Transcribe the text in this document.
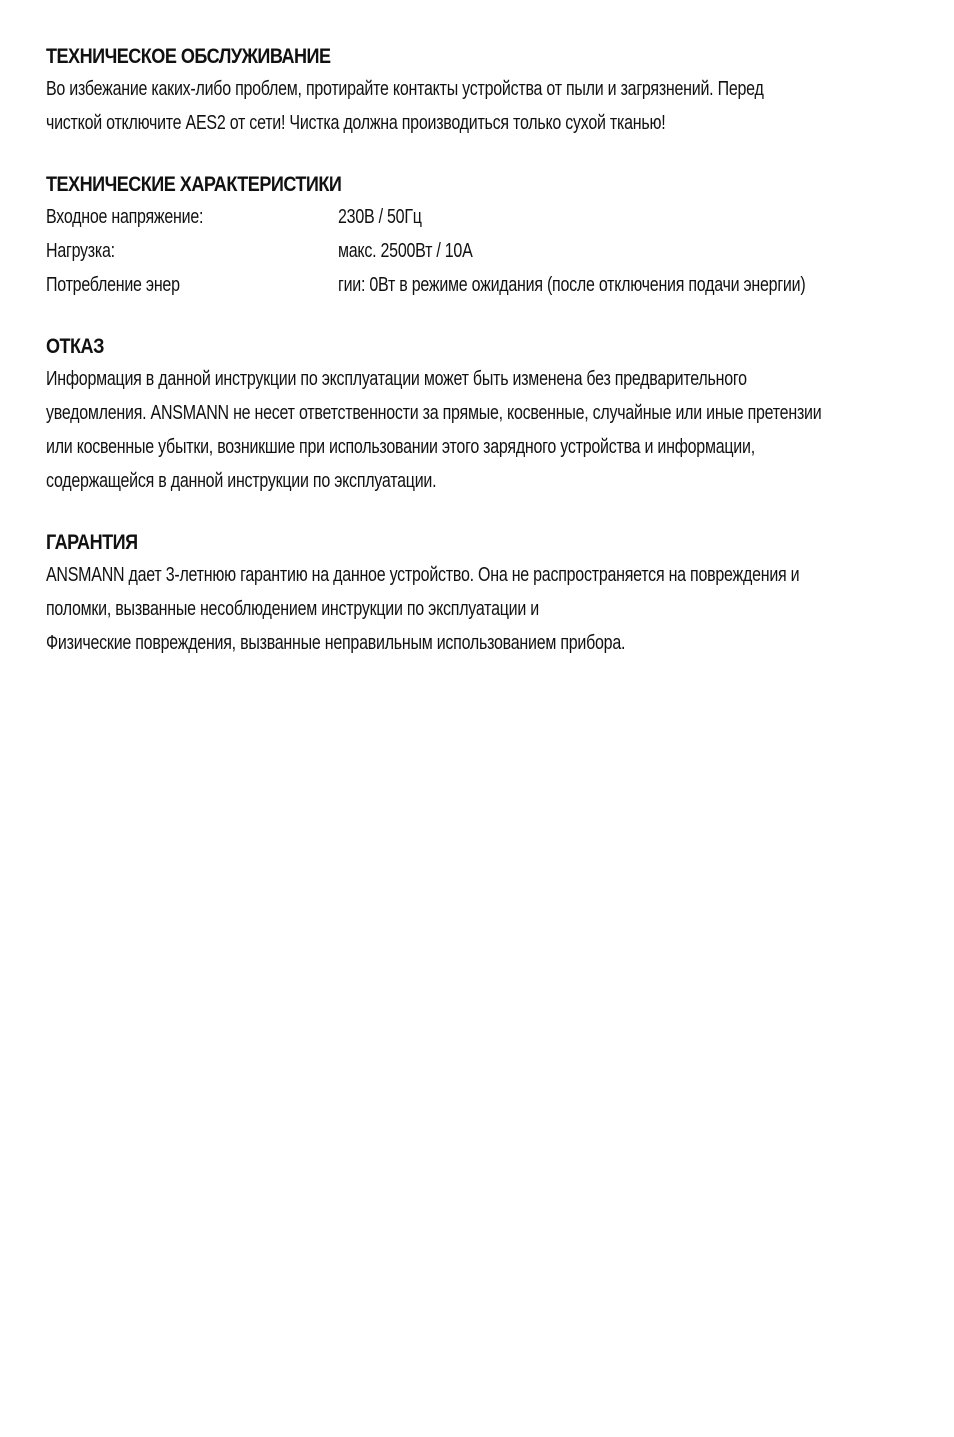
ТЕХНИЧЕСКОЕ ОБСЛУЖИВАНИЕ
Во избежание каких-либо проблем, протирайте контакты устройства от пыли и загрязнений. Перед
чисткой отключите AES2 от сети! Чистка должна производиться только сухой тканью!
ТЕХНИЧЕСКИЕ ХАРАКТЕРИСТИКИ
Входное напряжение:	230В / 50Гц
Нагрузка:	макс. 2500Вт / 10А
Потребление энер	гии: 0Вт в режиме ожидания (после отключения подачи энергии)
ОТКАЗ
Информация в данной инструкции по эксплуатации может быть изменена без предварительного
уведомления. ANSMANN не несет ответственности за прямые, косвенные, случайные или иные претензии
или косвенные убытки, возникшие при использовании этого зарядного устройства и информации,
содержащейся в данной инструкции по эксплуатации.
ГАРАНТИЯ
ANSMANN дает 3-летнюю гарантию на данное устройство. Она не распространяется на повреждения и
поломки, вызванные несоблюдением инструкции по эксплуатации и
Физические повреждения, вызванные неправильным использованием прибора.
